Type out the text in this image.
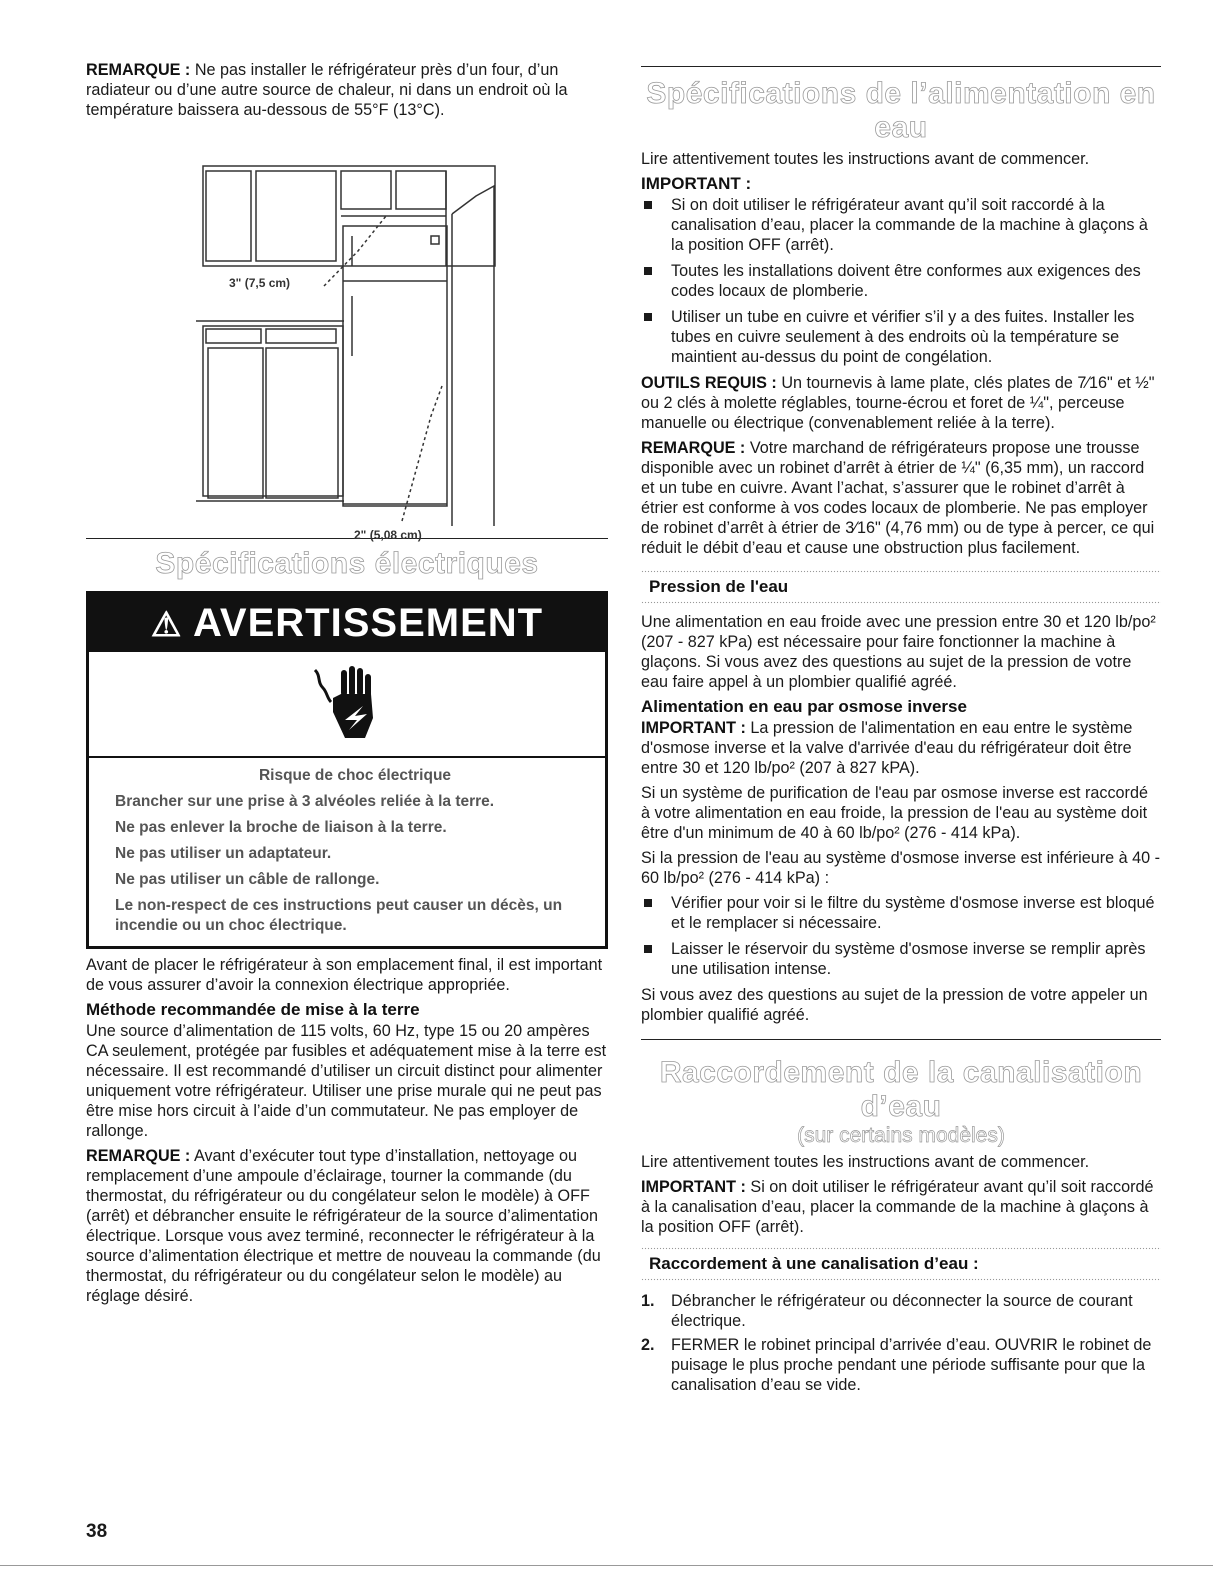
REMARQUE : Ne pas installer le réfrigérateur près d’un four, d’un radiateur ou d’une autre source de chaleur, ni dans un endroit où la température baissera au-dessous de 55°F (13°C).

3" (7,5 cm)
2" (5,08 cm)
Spécifications électriques
⚠ AVERTISSEMENT

Risque de choc électrique

Brancher sur une prise à 3 alvéoles reliée à la terre.

Ne pas enlever la broche de liaison à la terre.

Ne pas utiliser un adaptateur.

Ne pas utiliser un câble de rallonge.

Le non-respect de ces instructions peut causer un décès, un incendie ou un choc électrique.

Avant de placer le réfrigérateur à son emplacement final, il est important de vous assurer d’avoir la connexion électrique appropriée.

Méthode recommandée de mise à la terre

Une source d’alimentation de 115 volts, 60 Hz, type 15 ou 20 ampères CA seulement, protégée par fusibles et adéquatement mise à la terre est nécessaire. Il est recommandé d’utiliser un circuit distinct pour alimenter uniquement votre réfrigérateur. Utiliser une prise murale qui ne peut pas être mise hors circuit à l’aide d’un commutateur. Ne pas employer de rallonge.

REMARQUE : Avant d’exécuter tout type d’installation, nettoyage ou remplacement d’une ampoule d’éclairage, tourner la commande (du thermostat, du réfrigérateur ou du congélateur selon le modèle) à OFF (arrêt) et débrancher ensuite le réfrigérateur de la source d’alimentation électrique. Lorsque vous avez terminé, reconnecter le réfrigérateur à la source d’alimentation électrique et mettre de nouveau la commande (du thermostat, du réfrigérateur ou du congélateur selon le modèle) au réglage désiré.

Spécifications de l’alimentation en eau

Lire attentivement toutes les instructions avant de commencer.

IMPORTANT :
Si on doit utiliser le réfrigérateur avant qu’il soit raccordé à la canalisation d’eau, placer la commande de la machine à glaçons à la position OFF (arrêt).
Toutes les installations doivent être conformes aux exigences des codes locaux de plomberie.
Utiliser un tube en cuivre et vérifier s’il y a des fuites. Installer les tubes en cuivre seulement à des endroits où la température se maintient au-dessus du point de congélation.

OUTILS REQUIS : Un tournevis à lame plate, clés plates de 7⁄16" et ½" ou 2 clés à molette réglables, tourne-écrou et foret de ¼", perceuse manuelle ou électrique (convenablement reliée à la terre).

REMARQUE : Votre marchand de réfrigérateurs propose une trousse disponible avec un robinet d’arrêt à étrier de ¼" (6,35 mm), un raccord et un tube en cuivre. Avant l’achat, s’assurer que le robinet d’arrêt à étrier est conforme à vos codes locaux de plomberie. Ne pas employer de robinet d’arrêt à étrier de 3⁄16" (4,76 mm) ou de type à percer, ce qui réduit le débit d’eau et cause une obstruction plus facilement.

Pression de l'eau

Une alimentation en eau froide avec une pression entre 30 et 120 lb/po² (207 - 827 kPa) est nécessaire pour faire fonctionner la machine à glaçons. Si vous avez des questions au sujet de la pression de votre eau faire appel à un plombier qualifié agréé.

Alimentation en eau par osmose inverse

IMPORTANT : La pression de l'alimentation en eau entre le système d'osmose inverse et la valve d'arrivée d'eau du réfrigérateur doit être entre 30 et 120 lb/po² (207 à 827 kPA).

Si un système de purification de l'eau par osmose inverse est raccordé à votre alimentation en eau froide, la pression de l'eau au système doit être d'un minimum de 40 à 60 lb/po² (276 - 414 kPa).

Si la pression de l'eau au système d'osmose inverse est inférieure à 40 - 60 lb/po² (276 - 414 kPa) :

Vérifier pour voir si le filtre du système d'osmose inverse est bloqué et le remplacer si nécessaire.
Laisser le réservoir du système d'osmose inverse se remplir après une utilisation intense.

Si vous avez des questions au sujet de la pression de votre appeler un plombier qualifié agréé.

Raccordement de la canalisation d’eau
(sur certains modèles)

Lire attentivement toutes les instructions avant de commencer.

IMPORTANT : Si on doit utiliser le réfrigérateur avant qu’il soit raccordé à la canalisation d’eau, placer la commande de la machine à glaçons à la position OFF (arrêt).

Raccordement à une canalisation d’eau :
1. Débrancher le réfrigérateur ou déconnecter la source de courant électrique.
2. FERMER le robinet principal d’arrivée d’eau. OUVRIR le robinet de puisage le plus proche pendant une période suffisante pour que la canalisation d’eau se vide.
38
